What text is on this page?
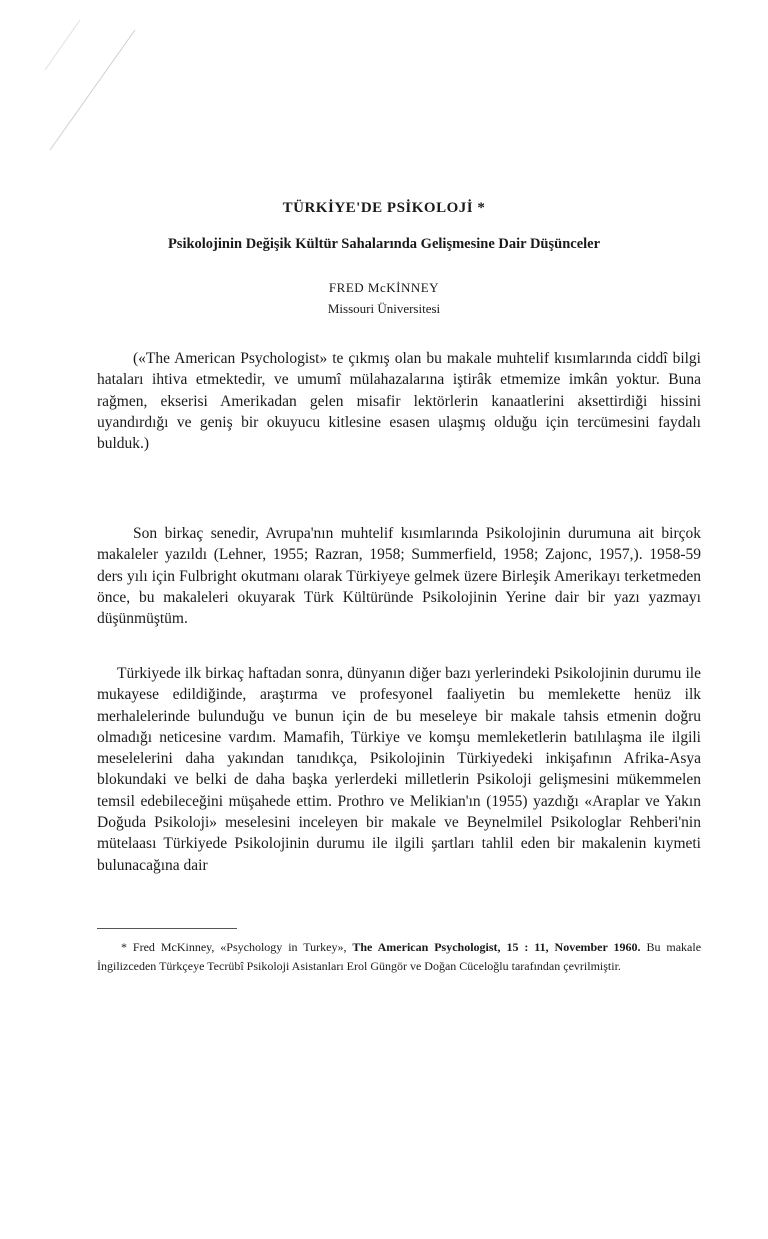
TÜRKİYE'DE PSİKOLOJİ *
Psikolojinin Değişik Kültür Sahalarında Gelişmesine Dair Düşünceler
FRED McKİNNEY
Missouri Üniversitesi

(«The American Psychologist» te çıkmış olan bu makale muhtelif kısımlarında ciddî bilgi hataları ihtiva etmektedir, ve umumî mülahazalarına iştirâk etmemize imkân yoktur. Buna rağmen, ekserisi Amerikadan gelen misafir lektörlerin kanaatlerini aksettirdiği hissini uyandırdığı ve geniş bir okuyucu kitlesine esasen ulaşmış olduğu için tercümesini faydalı bulduk.)

Son birkaç senedir, Avrupa'nın muhtelif kısımlarında Psikolojinin durumuna ait birçok makaleler yazıldı (Lehner, 1955; Razran, 1958; Summerfield, 1958; Zajonc, 1957,). 1958-59 ders yılı için Fulbright okutmanı olarak Türkiyeye gelmek üzere Birleşik Amerikayı terketmeden önce, bu makaleleri okuyarak Türk Kültüründe Psikolojinin Yerine dair bir yazı yazmayı düşünmüştüm.

Türkiyede ilk birkaç haftadan sonra, dünyanın diğer bazı yerlerindeki Psikolojinin durumu ile mukayese edildiğinde, araştırma ve profesyonel faaliyetin bu memlekette henüz ilk merhalelerinde bulunduğu ve bunun için de bu meseleye bir makale tahsis etmenin doğru olmadığı neticesine vardım. Mamafih, Türkiye ve komşu memleketlerin batılılaşma ile ilgili meselelerini daha yakından tanıdıkça, Psikolojinin Türkiyedeki inkişafının Afrika-Asya blokundaki ve belki de daha başka yerlerdeki milletlerin Psikoloji gelişmesini mükemmelen temsil edebileceğini müşahede ettim. Prothro ve Melikian'ın (1955) yazdığı «Araplar ve Yakın Doğuda Psikoloji» meselesini inceleyen bir makale ve Beynelmilel Psikologlar Rehberi'nin mütelaası Türkiyede Psikolojinin durumu ile ilgili şartları tahlil eden bir makalenin kıymeti bulunacağına dair

* Fred McKinney, «Psychology in Turkey», The American Psychologist, 15 : 11, November 1960. Bu makale İngilizceden Türkçeye Tecrübî Psikoloji Asistanları Erol Güngör ve Doğan Cüceloğlu tarafından çevrilmiştir.
